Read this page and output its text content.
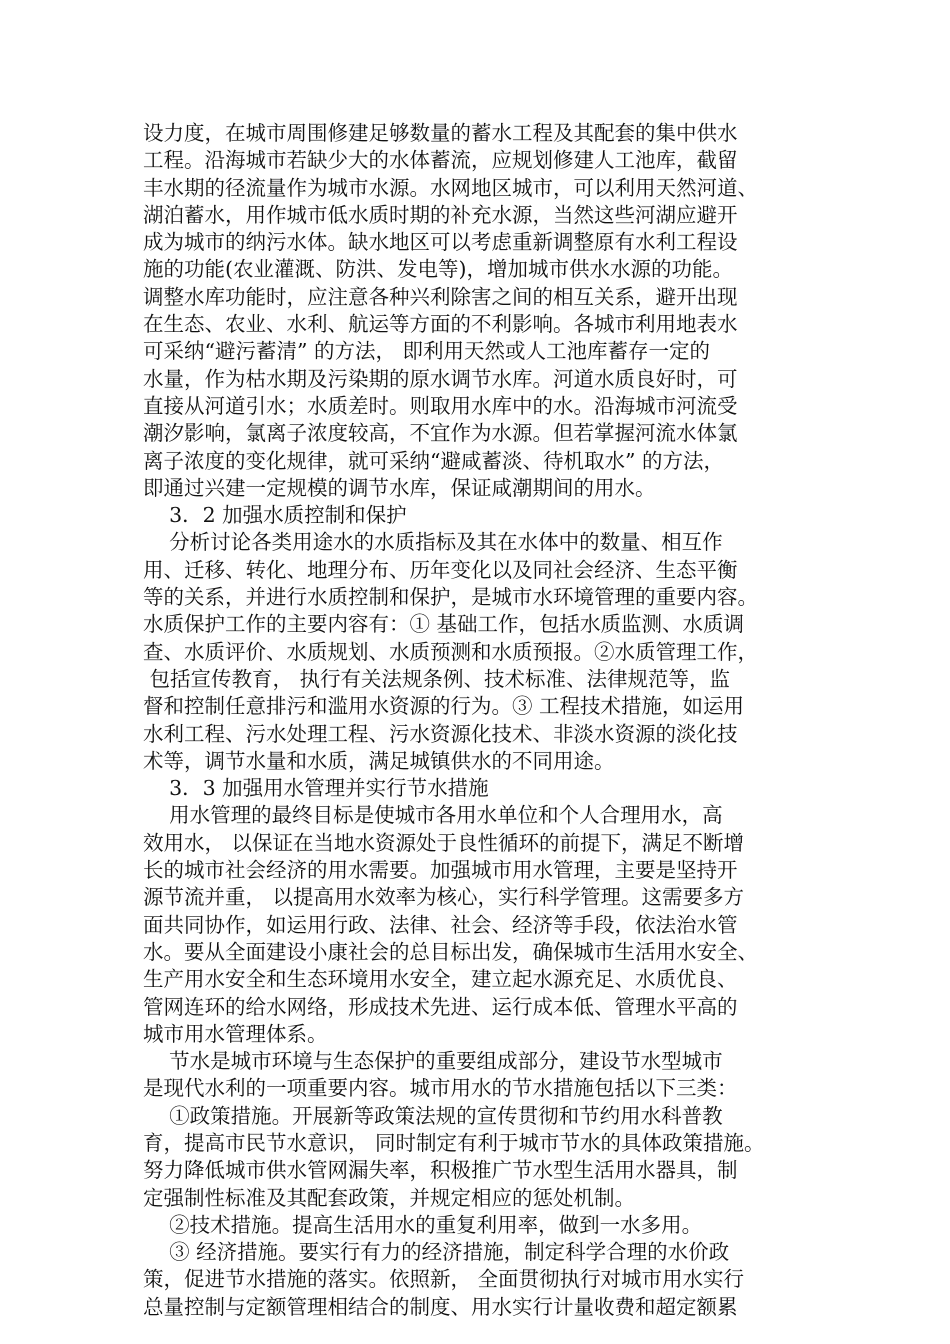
设力度，在城市周围修建足够数量的蓄水工程及其配套的集中供水
工程。沿海城市若缺少大的水体蓄流，应规划修建人工池库，截留
丰水期的径流量作为城市水源。水网地区城市，可以利用天然河道、
湖泊蓄水，用作城市低水质时期的补充水源，当然这些河湖应避开
成为城市的纳污水体。缺水地区可以考虑重新调整原有水利工程设
施的功能(农业灌溉、防洪、发电等)，增加城市供水水源的功能。
调整水库功能时，应注意各种兴利除害之间的相互关系，避开出现
在生态、农业、水利、航运等方面的不利影响。各城市利用地表水
可采纳“避污蓄清” 的方法， 即利用天然或人工池库蓄存一定的
水量，作为枯水期及污染期的原水调节水库。河道水质良好时，可
直接从河道引水；水质差时。则取用水库中的水。沿海城市河流受
潮汐影响，氯离子浓度较高，不宜作为水源。但若掌握河流水体氯
离子浓度的变化规律，就可采纳“避咸蓄淡、待机取水” 的方法，
即通过兴建一定规模的调节水库，保证咸潮期间的用水。
3．2 加强水质控制和保护
分析讨论各类用途水的水质指标及其在水体中的数量、相互作
用、迁移、转化、地理分布、历年变化以及同社会经济、生态平衡
等的关系，并进行水质控制和保护，是城市水环境管理的重要内容。
水质保护工作的主要内容有：① 基础工作，包括水质监测、水质调
查、水质评价、水质规划、水质预测和水质预报。②水质管理工作，
包括宣传教育， 执行有关法规条例、技术标准、法律规范等，监
督和控制任意排污和滥用水资源的行为。③ 工程技术措施，如运用
水利工程、污水处理工程、污水资源化技术、非淡水资源的淡化技
术等，调节水量和水质，满足城镇供水的不同用途。
3．3 加强用水管理并实行节水措施
用水管理的最终目标是使城市各用水单位和个人合理用水，高
效用水， 以保证在当地水资源处于良性循环的前提下，满足不断增
长的城市社会经济的用水需要。加强城市用水管理，主要是坚持开
源节流并重， 以提高用水效率为核心，实行科学管理。这需要多方
面共同协作，如运用行政、法律、社会、经济等手段，依法治水管
水。要从全面建设小康社会的总目标出发，确保城市生活用水安全、
生产用水安全和生态环境用水安全，建立起水源充足、水质优良、
管网连环的给水网络，形成技术先进、运行成本低、管理水平高的
城市用水管理体系。
节水是城市环境与生态保护的重要组成部分，建设节水型城市
是现代水利的一项重要内容。城市用水的节水措施包括以下三类：
①政策措施。开展新等政策法规的宣传贯彻和节约用水科普教
育，提高市民节水意识， 同时制定有利于城市节水的具体政策措施。
努力降低城市供水管网漏失率，积极推广节水型生活用水器具，制
定强制性标准及其配套政策，并规定相应的惩处机制。
②技术措施。提高生活用水的重复利用率，做到一水多用。
③ 经济措施。要实行有力的经济措施，制定科学合理的水价政
策，促进节水措施的落实。依照新， 全面贯彻执行对城市用水实行
总量控制与定额管理相结合的制度、用水实行计量收费和超定额累
